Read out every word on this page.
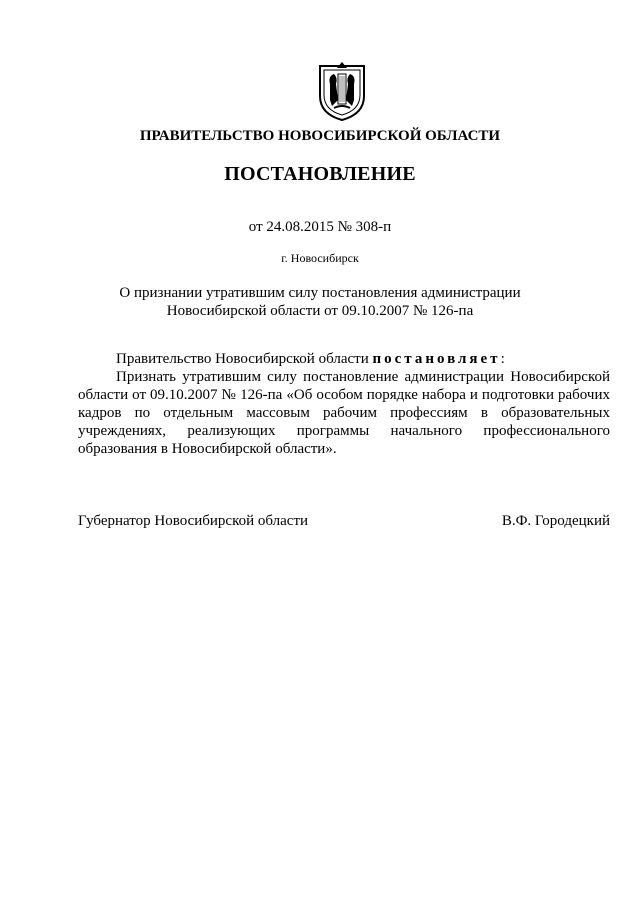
ПРАВИТЕЛЬСТВО НОВОСИБИРСКОЙ ОБЛАСТИ
ПОСТАНОВЛЕНИЕ
от 24.08.2015 № 308-п
г. Новосибирск
О признании утратившим силу постановления администрации
Новосибирской области от 09.10.2007 № 126-па
Правительство Новосибирской области постановляет:
Признать утратившим силу постановление администрации Новосибирской области от 09.10.2007 № 126-па «Об особом порядке набора и подготовки рабочих кадров по отдельным массовым рабочим профессиям в образовательных учреждениях, реализующих программы начального профессионального образования в Новосибирской области».
Губернатор Новосибирской области	В.Ф. Городецкий
